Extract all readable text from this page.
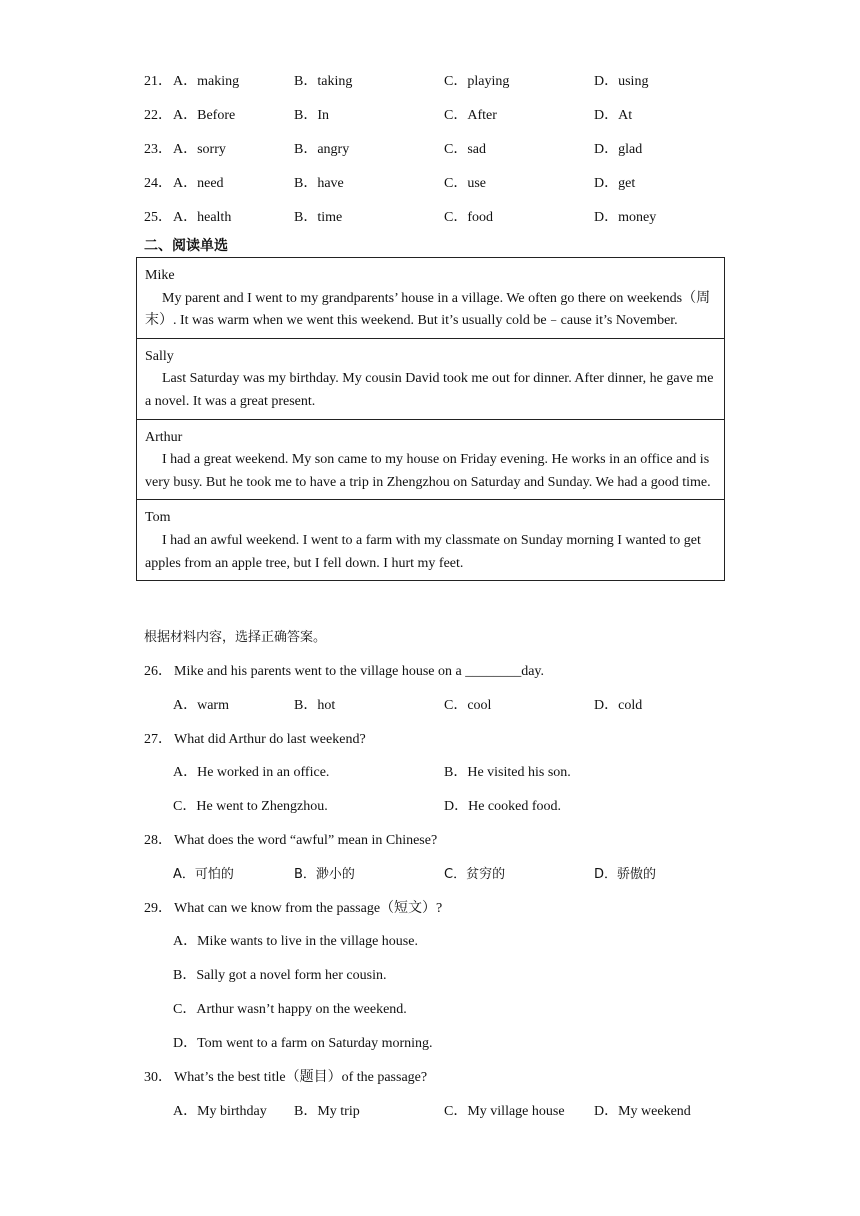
21． A．making	B．taking	C．playing	D．using
22． A．Before	B．In	C．After	D．At
23． A．sorry	B．angry	C．sad	D．glad
24． A．need	B．have	C．use	D．get
25． A．health	B．time	C．food	D．money
二、阅读单选
Mike
My parent and I went to my grandparents’ house in a village. We often go there on weekends（周末）. It was warm when we went this weekend. But it’s usually cold be﹣cause it’s November.
Sally
Last Saturday was my birthday. My cousin David took me out for dinner. After dinner, he gave me a novel. It was a great present.
Arthur
I had a great weekend. My son came to my house on Friday evening. He works in an office and is very busy. But he took me to have a trip in Zhengzhou on Saturday and Sunday. We had a good time.
Tom
I had an awful weekend. I went to a farm with my classmate on Sunday morning I wanted to get apples from an apple tree, but I fell down. I hurt my feet.
根据材料内容，选择正确答案。
26． Mike and his parents went to the village house on a ________day.
A．warm	B．hot	C．cool	D．cold
27． What did Arthur do last weekend?
A．He worked in an office.	B．He visited his son.
C．He went to Zhengzhou.	D．He cooked food.
28． What does the word “awful” mean in Chinese?
A．可怕的	B．渺小的	C．贫穷的	D．骄傲的
29． What can we know from the passage（短文）?
A．Mike wants to live in the village house.
B．Sally got a novel form her cousin.
C．Arthur wasn’t happy on the weekend.
D．Tom went to a farm on Saturday morning.
30． What’s the best title（题目）of the passage?
A．My birthday B．My trip	C．My village house D．My weekend
